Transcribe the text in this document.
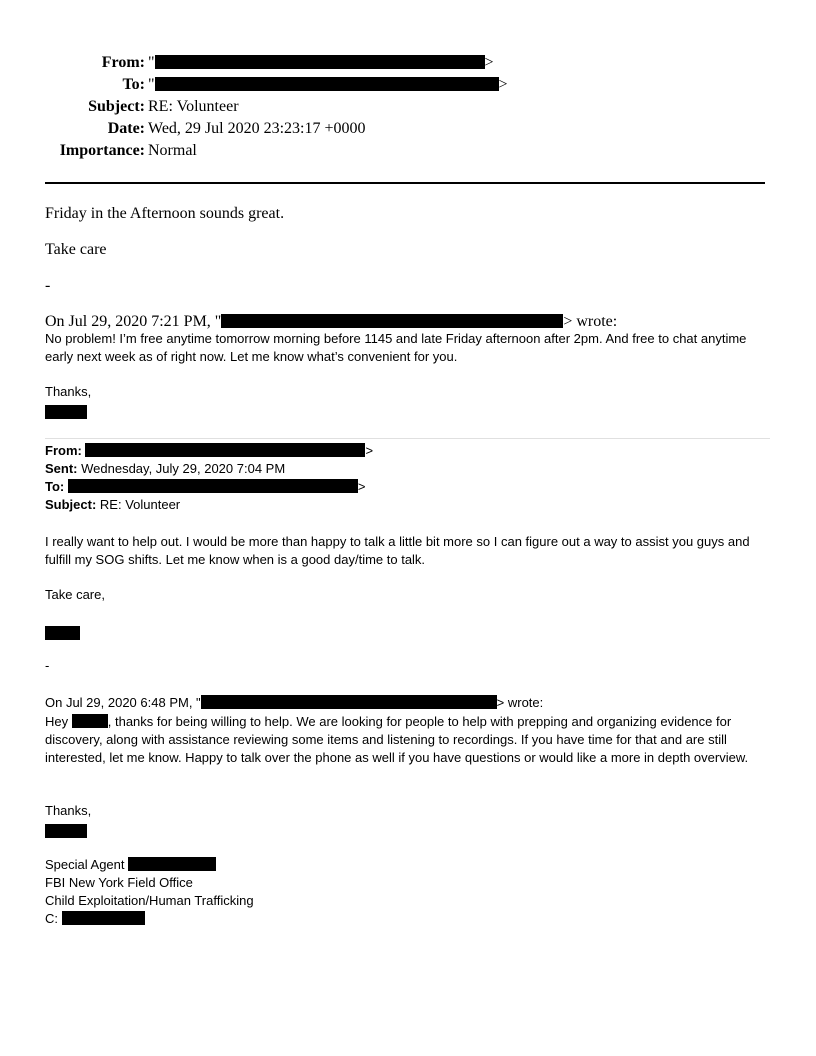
From: "	>
To: "	>
Subject: RE: Volunteer
Date: Wed, 29 Jul 2020 23:23:17 +0000
Importance: Normal
Friday in the Afternoon sounds great.
Take care
-
On Jul 29, 2020 7:21 PM, "	> wrote:
No problem! I’m free anytime tomorrow morning before 1145 and late Friday afternoon after 2pm. And free to chat anytime early next week as of right now. Let me know what’s convenient for you.
Thanks,
From:	>
Sent: Wednesday, July 29, 2020 7:04 PM
To:	>
Subject: RE: Volunteer
I really want to help out. I would be more than happy to talk a little bit more so I can figure out a way to assist you guys and fulfill my SOG shifts. Let me know when is a good day/time to talk.
Take care,
-
On Jul 29, 2020 6:48 PM, "	> wrote:
Hey	, thanks for being willing to help. We are looking for people to help with prepping and organizing evidence for discovery, along with assistance reviewing some items and listening to recordings. If you have time for that and are still interested, let me know. Happy to talk over the phone as well if you have questions or would like a more in depth overview.
Thanks,
Special Agent
FBI New York Field Office
Child Exploitation/Human Trafficking
C:
